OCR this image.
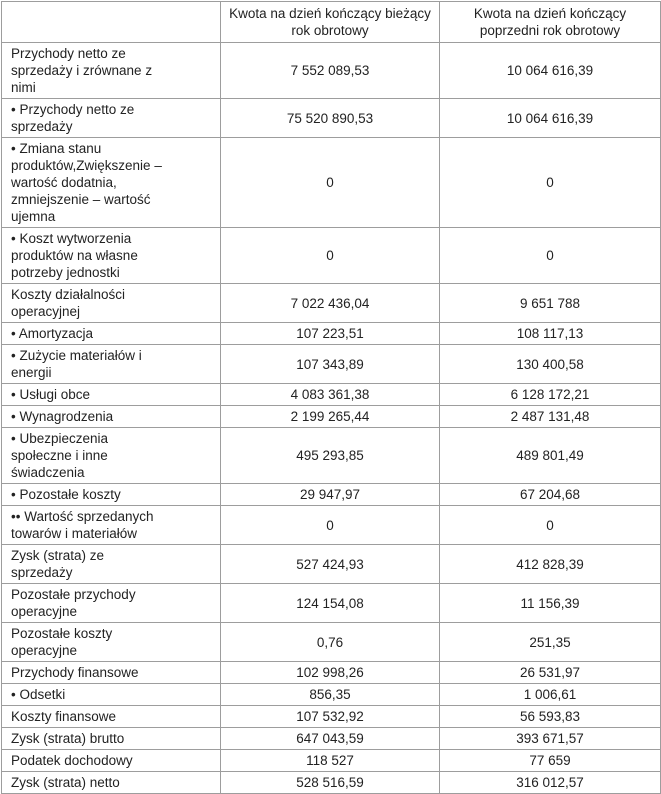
	Kwota na dzień kończący bieżący rok obrotowy	Kwota na dzień kończący poprzedni rok obrotowy
Przychody netto ze sprzedaży i zrównane z nimi	7 552 089,53	10 064 616,39
• Przychody netto ze sprzedaży	75 520 890,53	10 064 616,39
• Zmiana stanu produktów,Zwiększenie – wartość dodatnia, zmniejszenie – wartość ujemna	0	0
• Koszt wytworzenia produktów na własne potrzeby jednostki	0	0
Koszty działalności operacyjnej	7 022 436,04	9 651 788
• Amortyzacja	107 223,51	108 117,13
• Zużycie materiałów i energii	107 343,89	130 400,58
• Usługi obce	4 083 361,38	6 128 172,21
• Wynagrodzenia	2 199 265,44	2 487 131,48
• Ubezpieczenia społeczne i inne świadczenia	495 293,85	489 801,49
• Pozostałe koszty	29 947,97	67 204,68
•• Wartość sprzedanych towarów i materiałów	0	0
Zysk (strata) ze sprzedaży	527 424,93	412 828,39
Pozostałe przychody operacyjne	124 154,08	11 156,39
Pozostałe koszty operacyjne	0,76	251,35
Przychody finansowe	102 998,26	26 531,97
• Odsetki	856,35	1 006,61
Koszty finansowe	107 532,92	56 593,83
Zysk (strata) brutto	647 043,59	393 671,57
Podatek dochodowy	118 527	77 659
Zysk (strata) netto	528 516,59	316 012,57
